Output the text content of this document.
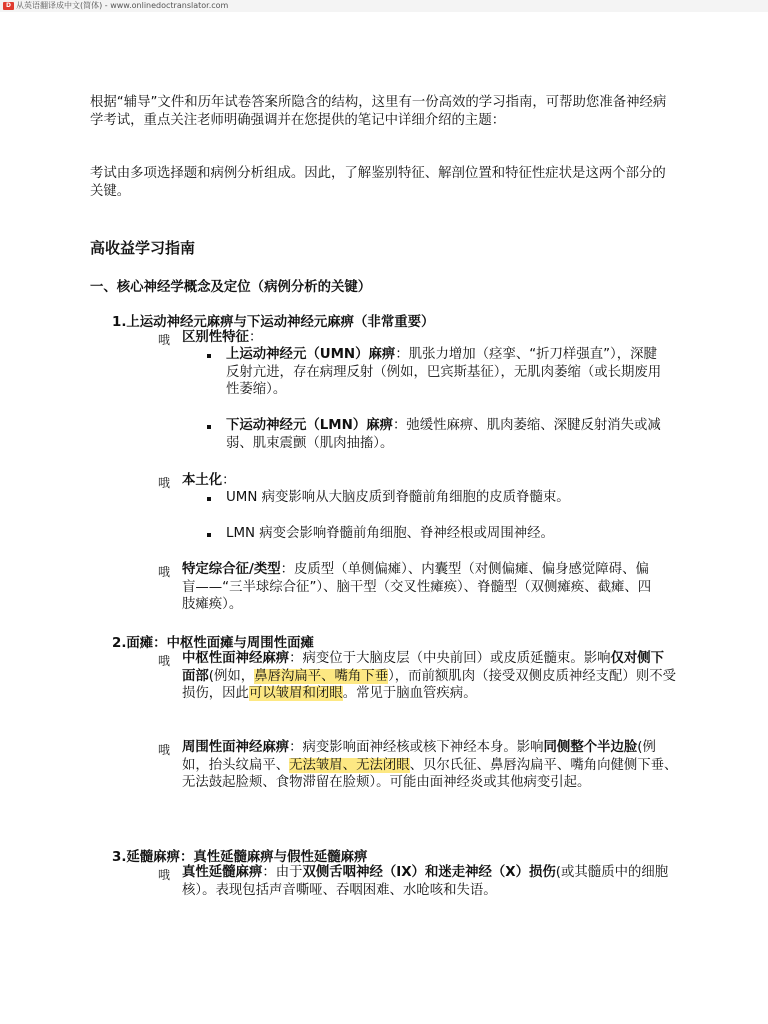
D 从英语翻译成中文(简体) - www.onlinedoctranslator.com
根据“辅导”文件和历年试卷答案所隐含的结构，这里有一份高效的学习指南，可帮助您准备神经病学考试，重点关注老师明确强调并在您提供的笔记中详细介绍的主题：
考试由多项选择题和病例分析组成。因此，了解鉴别特征、解剖位置和特征性症状是这两个部分的关键。
高收益学习指南
一、核心神经学概念及定位（病例分析的关键）
1.上运动神经元麻痹与下运动神经元麻痹（非常重要）
哦 区别性特征：
上运动神经元（UMN）麻痹：肌张力增加（痉挛、“折刀样强直”），深腱反射亢进，存在病理反射（例如，巴宾斯基征），无肌肉萎缩（或长期废用性萎缩）。
下运动神经元（LMN）麻痹：弛缓性麻痹、肌肉萎缩、深腱反射消失或减弱、肌束震颤（肌肉抽搐）。
哦 本土化：
UMN 病变影响从大脑皮质到脊髓前角细胞的皮质脊髓束。
LMN 病变会影响脊髓前角细胞、脊神经根或周围神经。
哦 特定综合征/类型：皮质型（单侧偏瘫）、内囊型（对侧偏瘫、偏身感觉障碍、偏盲——“三半球综合征”）、脑干型（交叉性瘫痪）、脊髓型（双侧瘫痪、截瘫、四肢瘫痪）。
2.面瘫：中枢性面瘫与周围性面瘫
哦 中枢性面神经麻痹：病变位于大脑皮层（中央前回）或皮质延髓束。影响仅对侧下面部(例如，鼻唇沟扁平、嘴角下垂），而前额肌肉（接受双侧皮质神经支配）则不受损伤，因此可以皱眉和闭眼。常见于脑血管疾病。
哦 周围性面神经麻痹：病变影响面神经核或核下神经本身。影响同侧整个半边脸(例如，抬头纹扁平、无法皱眉、无法闭眼、贝尔氏征、鼻唇沟扁平、嘴角向健侧下垂、无法鼓起脸颊、食物滞留在脸颊）。可能由面神经炎或其他病变引起。
3.延髓麻痹：真性延髓麻痹与假性延髓麻痹
哦 真性延髓麻痹：由于双侧舌咽神经（IX）和迷走神经（X）损伤(或其髓质中的细胞核）。表现包括声音嘶哑、吞咽困难、水呛咳和失语。
